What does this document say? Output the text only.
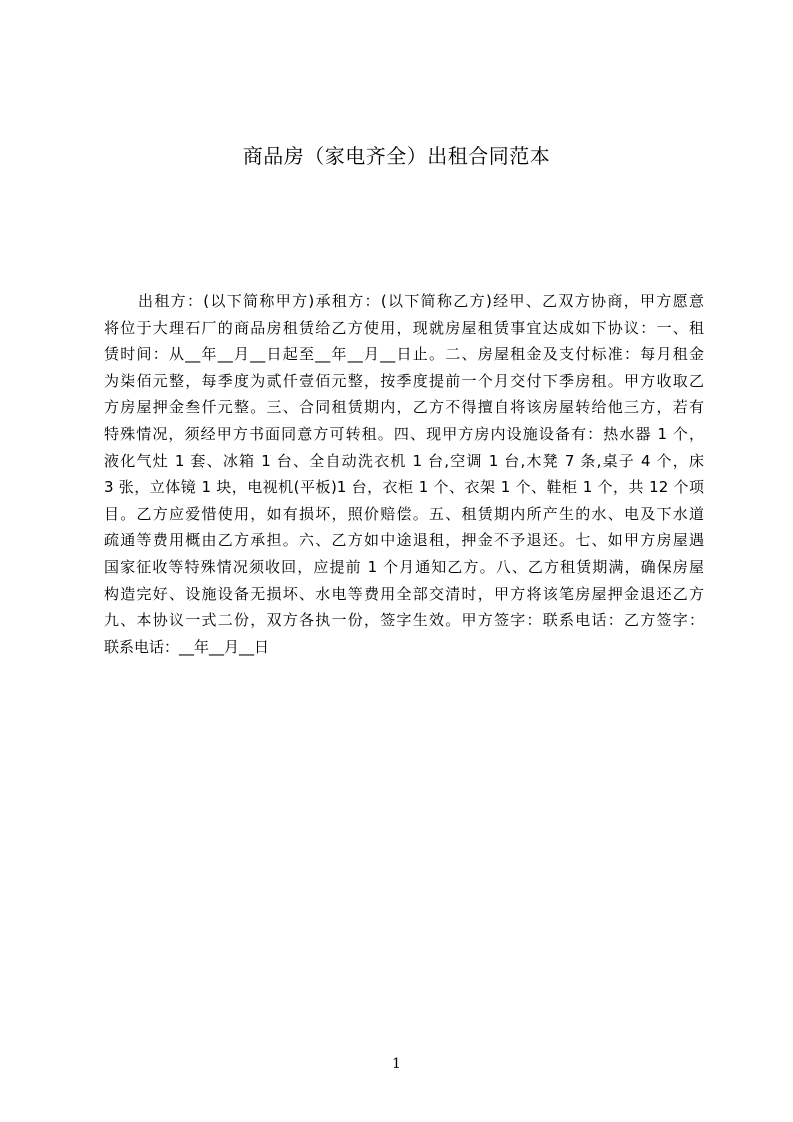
商品房（家电齐全）出租合同范本
出租方：(以下简称甲方)承租方：(以下简称乙方)经甲、乙双方协商，甲方愿意
将位于大理石厂的商品房租赁给乙方使用，现就房屋租赁事宜达成如下协议：一、租
赁时间：从__年__月__日起至__年__月__日止。二、房屋租金及支付标准：每月租金
为柒佰元整，每季度为贰仟壹佰元整，按季度提前一个月交付下季房租。甲方收取乙
方房屋押金叁仟元整。三、合同租赁期内，乙方不得擅自将该房屋转给他三方，若有
特殊情况，须经甲方书面同意方可转租。四、现甲方房内设施设备有：热水器 1 个，
液化气灶 1 套、冰箱 1 台、全自动洗衣机 1 台,空调 1 台,木凳 7 条,桌子 4 个，床
3 张，立体镜 1 块，电视机(平板)1 台，衣柜 1 个、衣架 1 个、鞋柜 1 个，共 12 个项
目。乙方应爱惜使用，如有损坏，照价赔偿。五、租赁期内所产生的水、电及下水道
疏通等费用概由乙方承担。六、乙方如中途退租，押金不予退还。七、如甲方房屋遇
国家征收等特殊情况须收回，应提前 1 个月通知乙方。八、乙方租赁期满，确保房屋
构造完好、设施设备无损坏、水电等费用全部交清时，甲方将该笔房屋押金退还乙方
九、本协议一式二份，双方各执一份，签字生效。甲方签字：联系电话：乙方签字：
联系电话：__年__月__日
1
